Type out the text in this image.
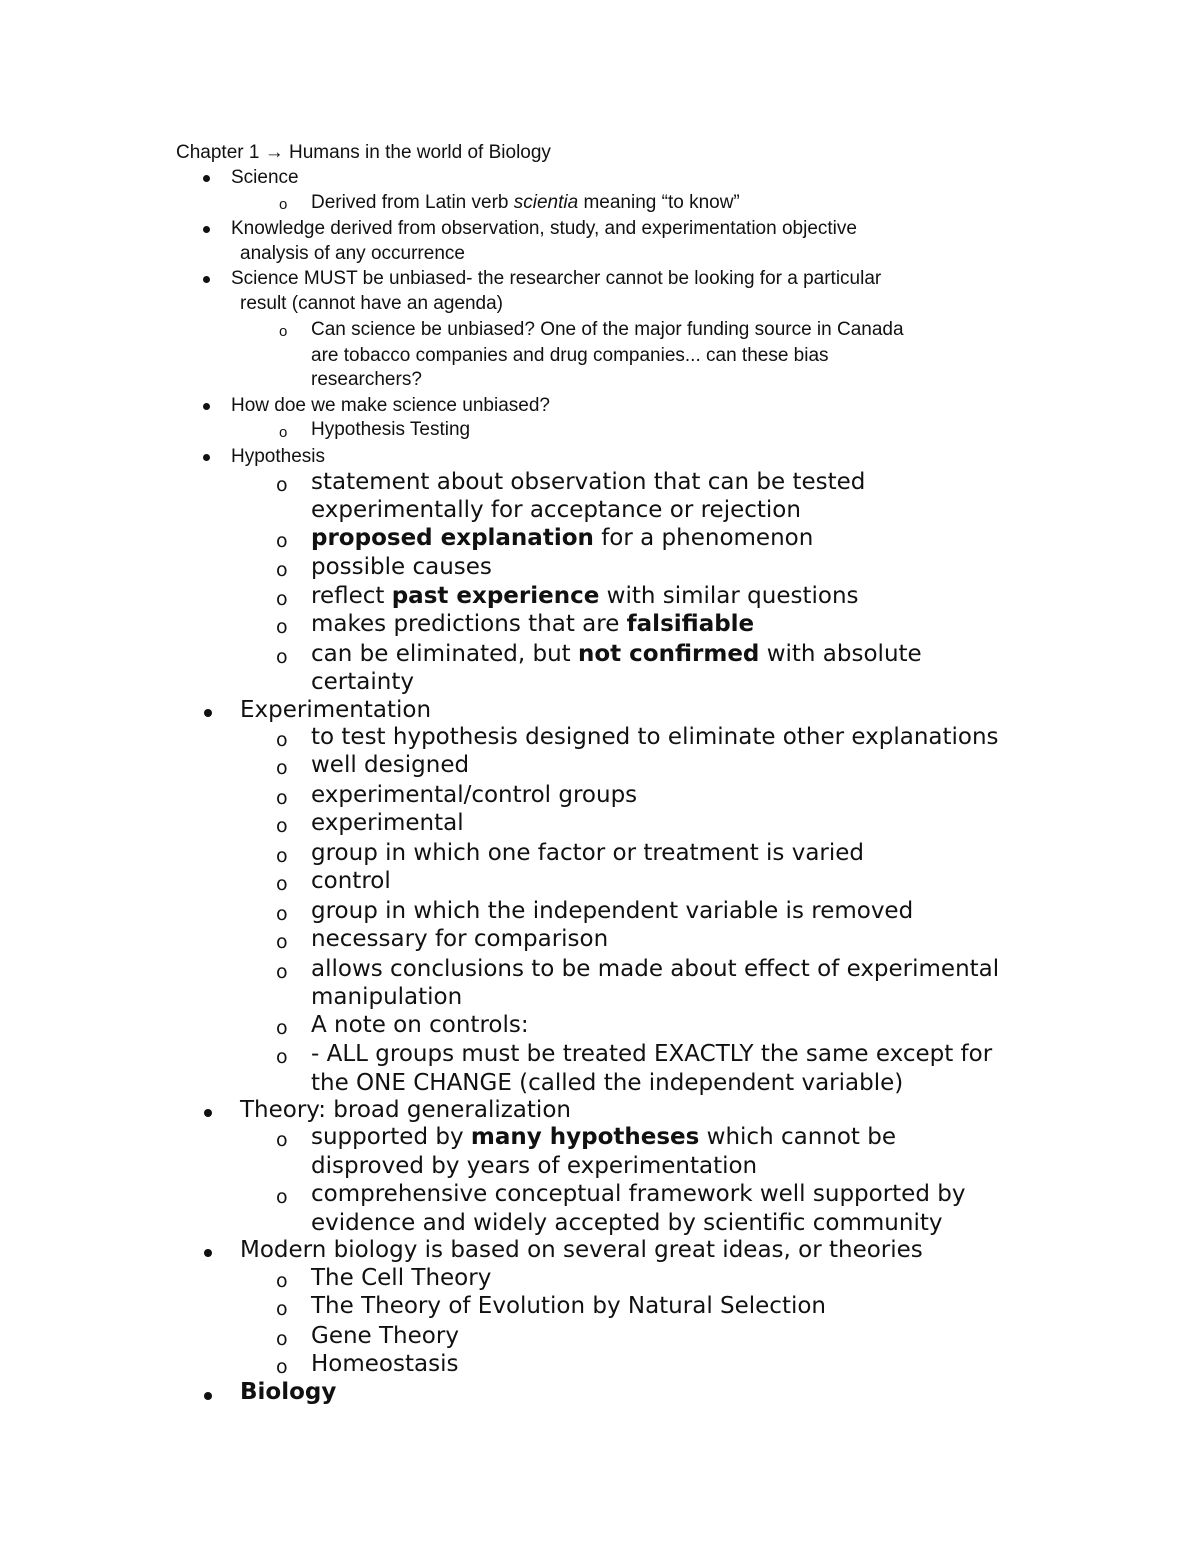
Chapter 1 → Humans in the world of Biology

Science

o Derived from Latin verb scientia meaning “to know”

Knowledge derived from observation, study, and experimentation objective

analysis of any occurrence

Science MUST be unbiased- the researcher cannot be looking for a particular

result (cannot have an agenda)

o Can science be unbiased? One of the major funding source in Canada

are tobacco companies and drug companies... can these bias

researchers?

How doe we make science unbiased?

o Hypothesis Testing

Hypothesis

o statement about observation that can be tested

experimentally for acceptance or rejection

o proposed explanation for a phenomenon

o possible causes

o reflect past experience with similar questions

o makes predictions that are falsifiable

o can be eliminated, but not confirmed with absolute

certainty

Experimentation

o to test hypothesis designed to eliminate other explanations

o well designed

o experimental/control groups

o experimental

o group in which one factor or treatment is varied

o control

o group in which the independent variable is removed

o necessary for comparison

o allows conclusions to be made about effect of experimental

manipulation

o A note on controls:

o - ALL groups must be treated EXACTLY the same except for

the ONE CHANGE (called the independent variable)

Theory: broad generalization

o supported by many hypotheses which cannot be

disproved by years of experimentation

o comprehensive conceptual framework well supported by

evidence and widely accepted by scientific community

Modern biology is based on several great ideas, or theories

o The Cell Theory

o The Theory of Evolution by Natural Selection

o Gene Theory

o Homeostasis

Biology
